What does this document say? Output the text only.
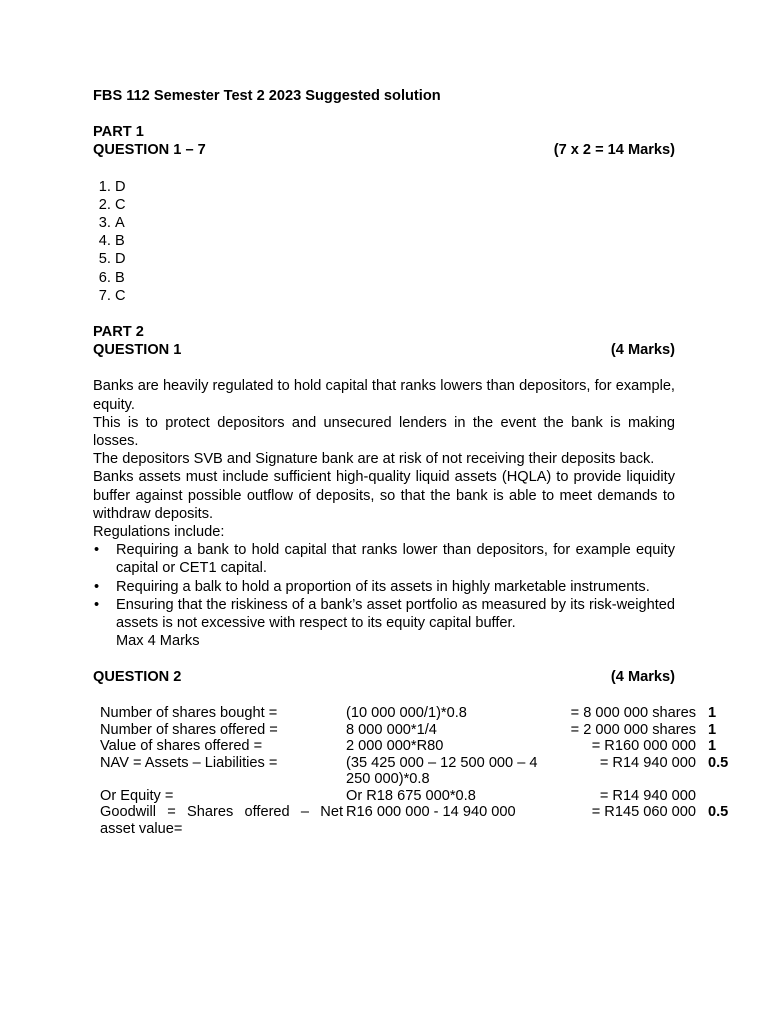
FBS 112 Semester Test 2 2023 Suggested solution
PART 1
QUESTION 1 – 7	(7 x 2 = 14 Marks)
1. D
2. C
3. A
4. B
5. D
6. B
7. C
PART 2
QUESTION 1	(4 Marks)
Banks are heavily regulated to hold capital that ranks lowers than depositors, for example, equity.
This is to protect depositors and unsecured lenders in the event the bank is making losses.
The depositors SVB and Signature bank are at risk of not receiving their deposits back.
Banks assets must include sufficient high-quality liquid assets (HQLA) to provide liquidity buffer against possible outflow of deposits, so that the bank is able to meet demands to withdraw deposits.
Regulations include:
• Requiring a bank to hold capital that ranks lower than depositors, for example equity capital or CET1 capital.
• Requiring a balk to hold a proportion of its assets in highly marketable instruments.
• Ensuring that the riskiness of a bank’s asset portfolio as measured by its risk-weighted assets is not excessive with respect to its equity capital buffer.
Max 4 Marks
QUESTION 2	(4 Marks)
Number of shares bought =	(10 000 000/1)*0.8	= 8 000 000 shares	1
Number of shares offered =	8 000 000*1/4	= 2 000 000 shares	1
Value of shares offered =	2 000 000*R80	= R160 000 000	1
NAV = Assets – Liabilities =	(35 425 000 – 12 500 000 – 4 250 000)*0.8	= R14 940 000	0.5
Or Equity =	Or R18 675 000*0.8	= R14 940 000	
Goodwill = Shares offered – Net asset value=	R16 000 000 - 14 940 000	= R145 060 000	0.5
